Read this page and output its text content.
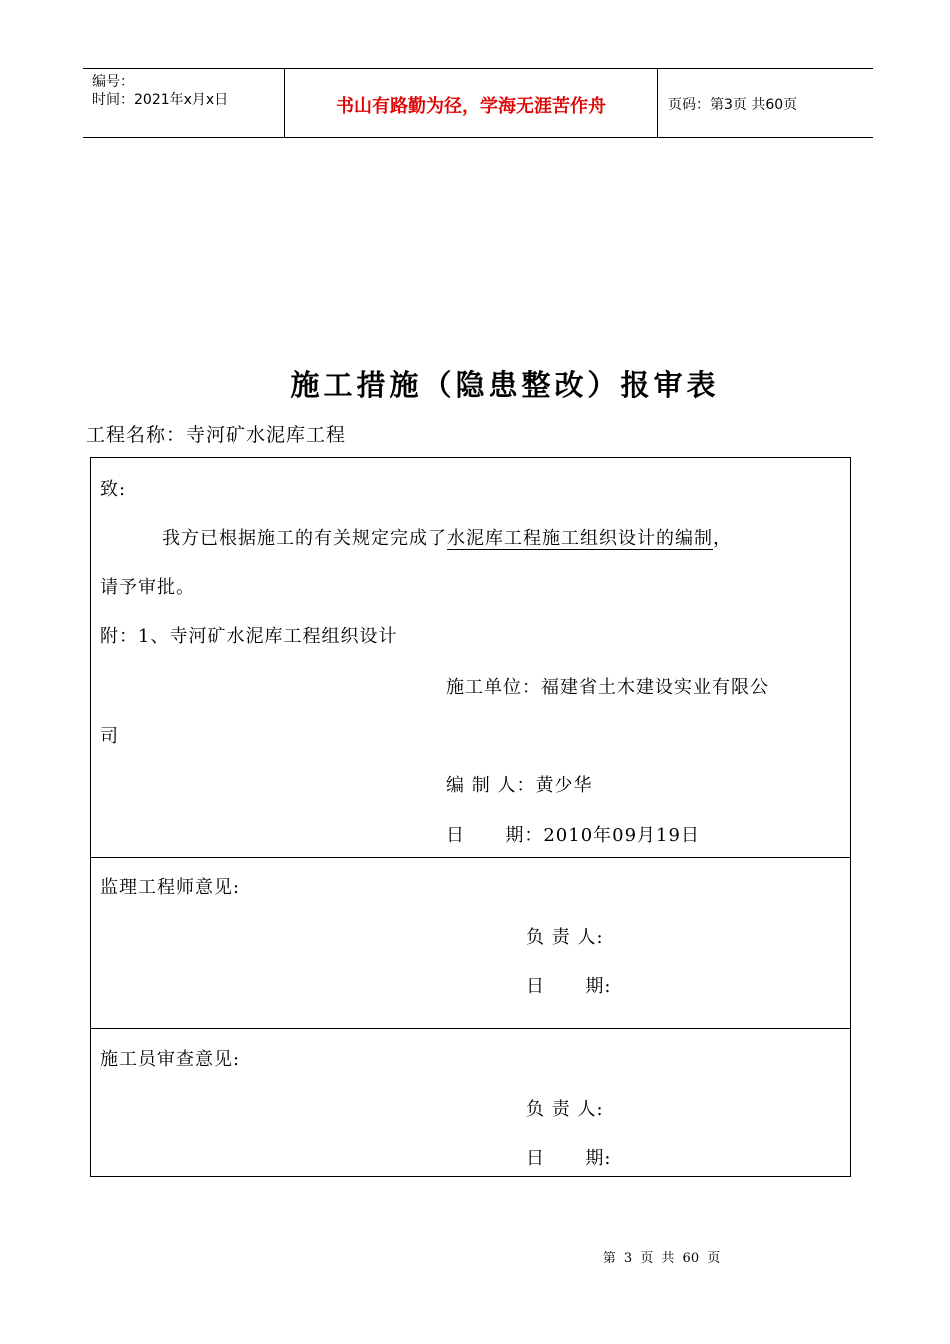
编号：
时间：2021年x月x日	书山有路勤为径，学海无涯苦作舟	页码：第3页 共60页
施工措施（隐患整改）报审表
工程名称：寺河矿水泥库工程
致:
我方已根据施工的有关规定完成了水泥库工程施工组织设计的编制，
请予审批。
附：1、寺河矿水泥库工程组织设计
施工单位：福建省土木建设实业有限公
司
编 制 人：黄少华
日      期：2010年09月19日
监理工程师意见:
负 责 人:
日      期:
施工员审查意见:
负 责 人:
日      期:
第 3 页 共 60 页
